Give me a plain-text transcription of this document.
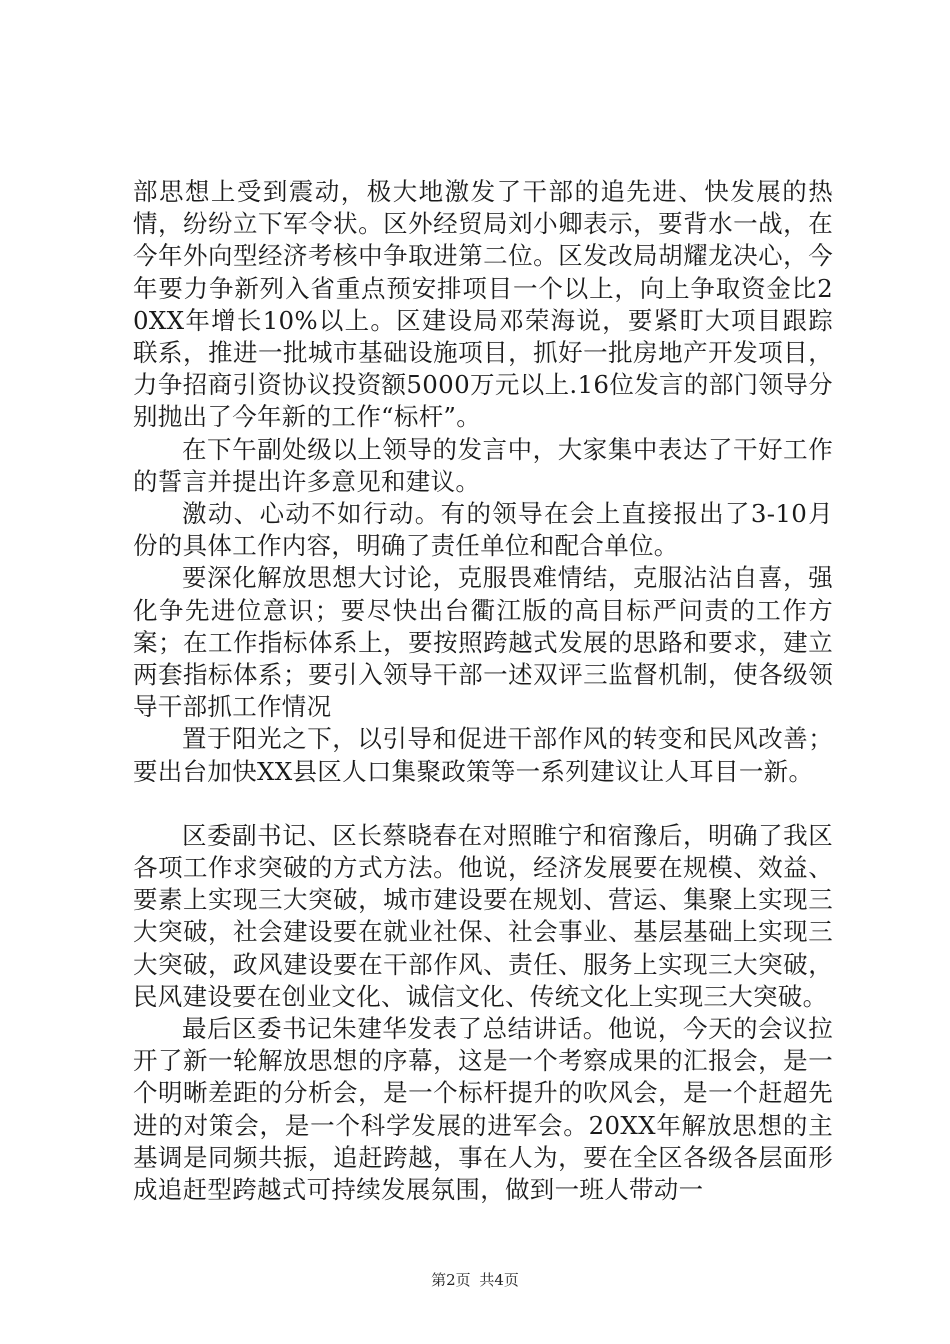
部思想上受到震动，极大地激发了干部的追先进、快发展的热情，纷纷立下军令状。区外经贸局刘小卿表示，要背水一战，在今年外向型经济考核中争取进第二位。区发改局胡耀龙决心，今年要力争新列入省重点预安排项目一个以上，向上争取资金比20XX年增长10%以上。区建设局邓荣海说，要紧盯大项目跟踪联系，推进一批城市基础设施项目，抓好一批房地产开发项目，力争招商引资协议投资额5000万元以上.16位发言的部门领导分别抛出了今年新的工作“标杆”。

在下午副处级以上领导的发言中，大家集中表达了干好工作的誓言并提出许多意见和建议。

激动、心动不如行动。有的领导在会上直接报出了3-10月份的具体工作内容，明确了责任单位和配合单位。

要深化解放思想大讨论，克服畏难情结，克服沾沾自喜，强化争先进位意识；要尽快出台衢江版的高目标严问责的工作方案；在工作指标体系上，要按照跨越式发展的思路和要求，建立两套指标体系；要引入领导干部一述双评三监督机制，使各级领导干部抓工作情况

置于阳光之下，以引导和促进干部作风的转变和民风改善；要出台加快XX县区人口集聚政策等一系列建议让人耳目一新。

区委副书记、区长蔡晓春在对照睢宁和宿豫后，明确了我区各项工作求突破的方式方法。他说，经济发展要在规模、效益、要素上实现三大突破，城市建设要在规划、营运、集聚上实现三大突破，社会建设要在就业社保、社会事业、基层基础上实现三大突破，政风建设要在干部作风、责任、服务上实现三大突破，民风建设要在创业文化、诚信文化、传统文化上实现三大突破。

最后区委书记朱建华发表了总结讲话。他说，今天的会议拉开了新一轮解放思想的序幕，这是一个考察成果的汇报会，是一个明晰差距的分析会，是一个标杆提升的吹风会，是一个赶超先进的对策会，是一个科学发展的进军会。20XX年解放思想的主基调是同频共振，追赶跨越，事在人为，要在全区各级各层面形成追赶型跨越式可持续发展氛围，做到一班人带动一

第2页 共4页
